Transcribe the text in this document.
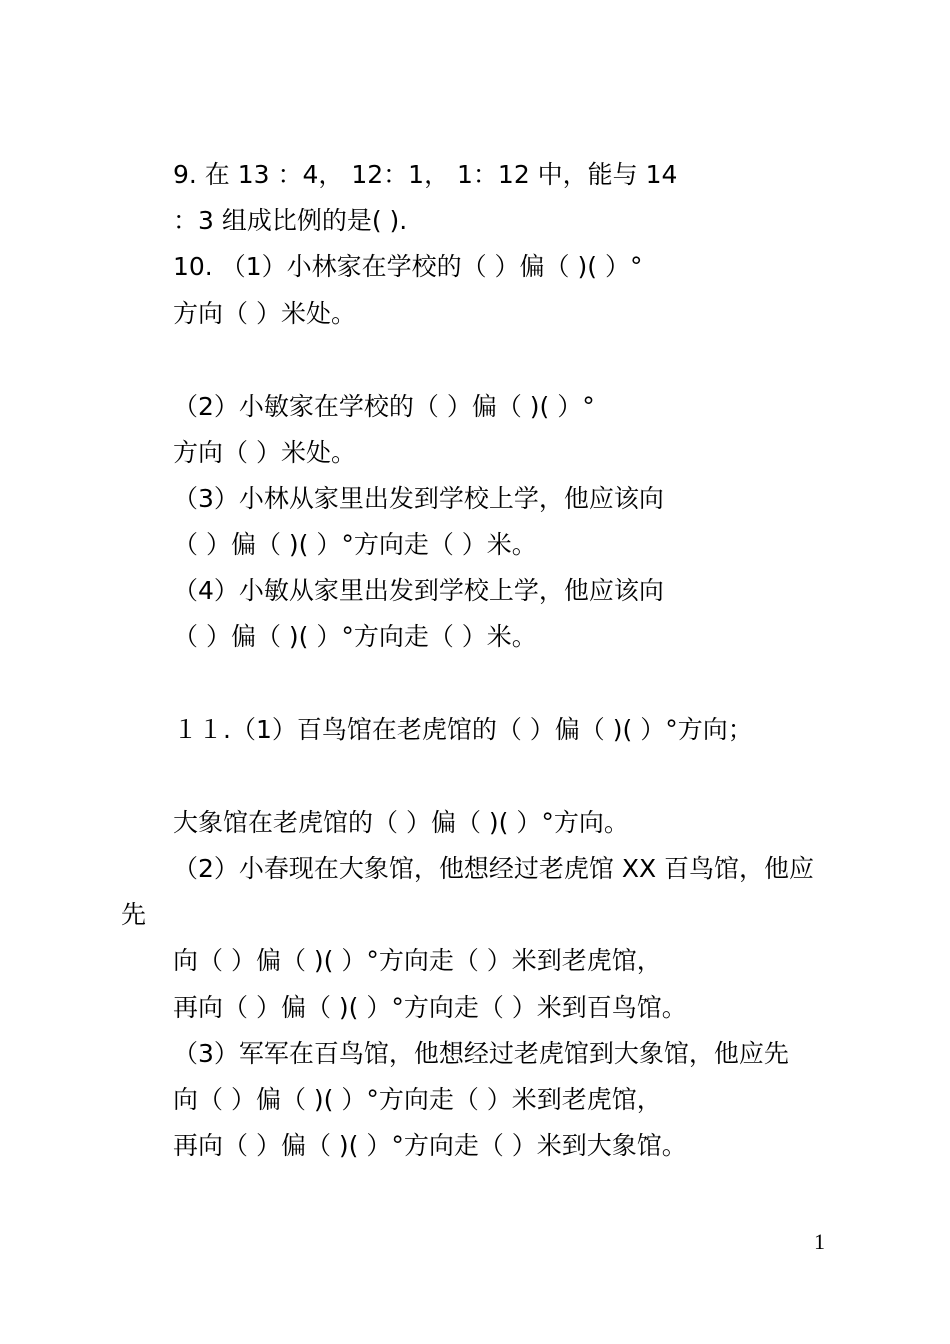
9. 在 13 ：4， 12：1， 1：12 中，能与 14

：3 组成比例的是( ).

10. （1）小林家在学校的（ ）偏（ )( ）°

方向（ ）米处。

（2）小敏家在学校的（ ）偏（ )( ）°

方向（ ）米处。

（3）小林从家里出发到学校上学，他应该向

（ ）偏（ )( ）°方向走（ ）米。

（4）小敏从家里出发到学校上学，他应该向

（ ）偏（ )( ）°方向走（ ）米。

１１.（1）百鸟馆在老虎馆的（ ）偏（ )( ）°方向；

大象馆在老虎馆的（ ）偏（ )( ）°方向。

（2）小春现在大象馆，他想经过老虎馆 XX 百鸟馆，他应

先

向（ ）偏（ )( ）°方向走（ ）米到老虎馆，

再向（ ）偏（ )( ）°方向走（ ）米到百鸟馆。

（3）军军在百鸟馆，他想经过老虎馆到大象馆，他应先

向（ ）偏（ )( ）°方向走（ ）米到老虎馆，

再向（ ）偏（ )( ）°方向走（ ）米到大象馆。

1
